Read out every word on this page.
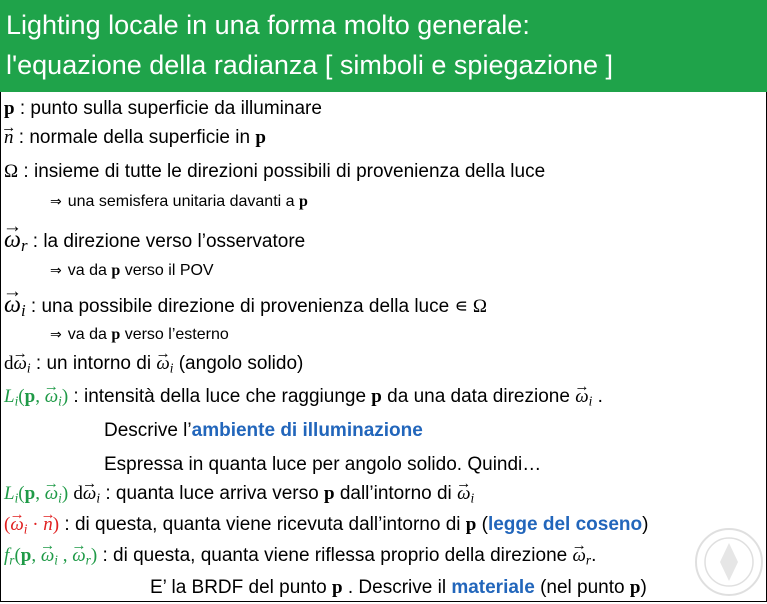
Lighting locale in una forma molto generale:
l'equazione della radianza [ simboli e spiegazione ]
p : punto sulla superficie da illuminare
→ n : normale della superficie in p
Ω : insieme di tutte le direzioni possibili di provenienza della luce
⇒ una semisfera unitaria davanti a p
→ $\omega_r$ : la direzione verso l’osservatore
⇒ va da p verso il POV
→ $\omega_i$ : una possibile direzione di provenienza della luce ∊ Ω
⇒ va da p verso l’esterno
$d\to \omega_i$ : un intorno di → $\omega_i$ (angolo solido)
$L_i(p$, → $\omega_i$) : intensità della luce che raggiunge p da una data direzione → $\omega_i$ .
Descrive l’ambiente di illuminazione
Espressa in quanta luce per angolo solido. Quindi…
$L_i(p$, → $\omega_i$) $d\to \omega_i$ : quanta luce arriva verso p dall’intorno di → $\omega_i$
(→ $\omega_i$ · → n) : di questa, quanta viene ricevuta dall’intorno di p (legge del coseno)
$f_r(p$, → $\omega_i$ , → $\omega_r$) : di questa, quanta viene riflessa proprio della direzione → $\omega_r$.
E’ la BRDF del punto p . Descrive il materiale (nel punto p)
